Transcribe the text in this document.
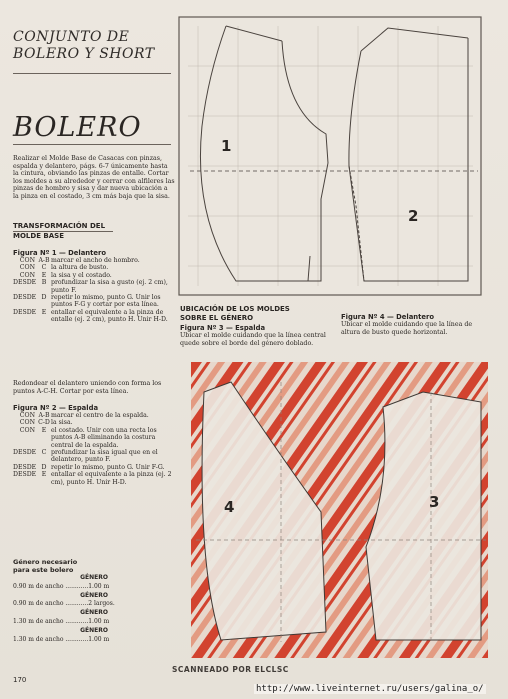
CONJUNTO DE
BOLERO Y SHORT
BOLERO
Realizar el Molde Base de Casacas con pinzas, espalda y delantero, págs. 6-7 únicamente hasta la cintura, obviando las pinzas de entalle. Cortar los moldes a su alrededor y cerrar con alfileres las pinzas de hombro y sisa y dar nueva ubicación a la pinza en el costado, 3 cm más baja que la sisa.
TRANSFORMACIÓN DEL
MOLDE BASE
Figura Nº 1 — Delantero
CON A-B marcar el ancho de hombro.
CON	C la altura de busto.
CON	E la sisa y el costado.
DESDE B profundizar la sisa a gusto (ej. 2 cm), punto F.
DESDE D repetir lo mismo, punto G. Unir los puntos F-G y cortar por esta línea.
DESDE E entallar el equivalente a la pinza de entalle (ej. 2 cm), punto H. Unir H-D.
Redondear el delantero uniendo con forma los puntos A-C-H. Cortar por esta línea.
Figura Nº 2 — Espalda
CON A-B marcar el centro de la espalda.
CON C-D la sisa.
CON	E el costado. Unir con una recta los puntos A-B eliminando la costura central de la espalda.
DESDE C profundizar la sisa igual que en el delantero, punto F.
DESDE D repetir lo mismo, punto G. Unir F-G.
DESDE E entallar el equivalente a la pinza (ej. 2 cm), punto H. Unir H-D.
Género necesario
para este bolero
GÉNERO
0.90 m de ancho ............1.00 m
GÉNERO
0.90 m de ancho ............2 largos.
GÉNERO
1.30 m de ancho ............1.00 m
GÉNERO
1.30 m de ancho ............1.00 m
170
1
2
UBICACIÓN DE LOS MOLDES
SOBRE EL GÉNERO
Figura Nº 3 — Espalda
Ubicar el molde cuidando que la línea central quede sobre el borde del género doblado.
Figura Nº 4 — Delantero
Ubicar el molde cuidando que la línea de altura de busto quede horizontal.
4	3
SCANNEADO POR ELCLSC
http://www.liveinternet.ru/users/galina_o/
